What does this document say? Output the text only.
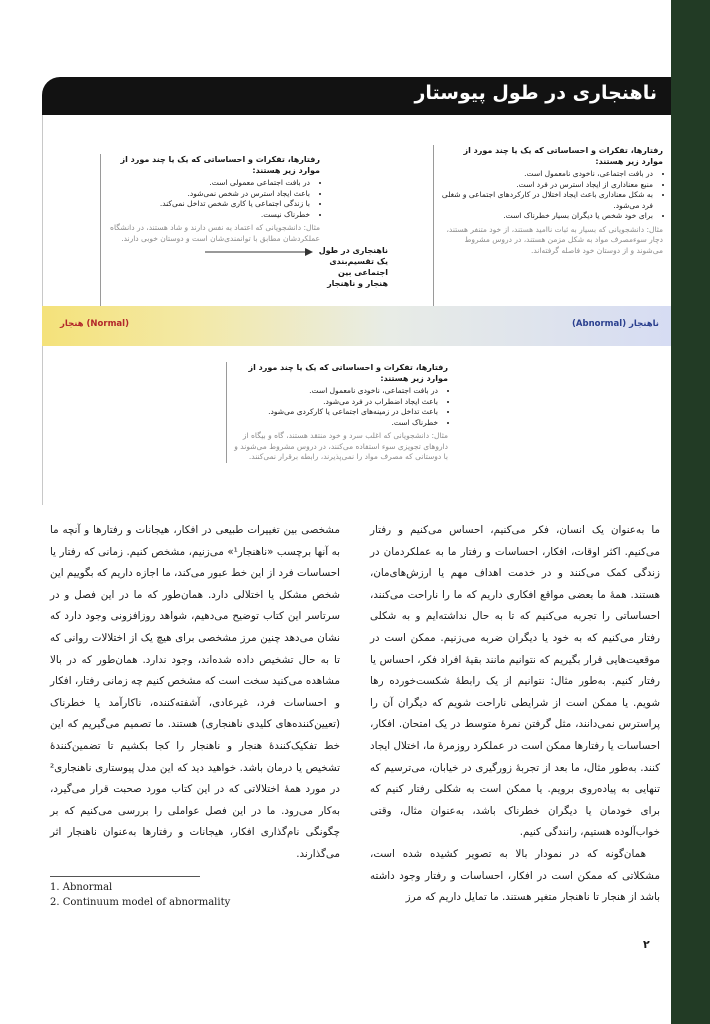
ناهنجاری در طول پیوستار
رفتارها، تفکرات و احساساتی که یک یا چند مورد از موارد زیر هستند:
• در بافت اجتماعی معمولی است.
• باعث ایجاد استرس در شخص نمی‌شود.
• با زندگی اجتماعی یا کاری شخص تداخل نمی‌کند.
• خطرناک نیست.
مثال: دانشجویانی که اعتماد به نفس دارند و شاد هستند، در دانشگاه عملکردشان مطابق با توانمندی‌شان است و دوستان خوبی دارند.
رفتارها، تفکرات و احساساتی که یک یا چند مورد از موارد زیر هستند:
• در بافت اجتماعی، ناخودی نامعمول است.
• منبع معناداری از ایجاد استرس در فرد است.
• به شکل معناداری باعث ایجاد اختلال در کارکردهای اجتماعی و شغلی فرد می‌شود.
• برای خود شخص یا دیگران بسیار خطرناک است.
مثال: دانشجویانی که بسیار به ثبات ناامید هستند، از خود متنفر هستند، دچار سوء‌مصرف مواد به شکل مزمن هستند، در دروس مشروط می‌شوند و از دوستان خود فاصله گرفته‌اند.
ناهنجاری در طول یک تقسیم‌بندی اجتماعی بین هنجار و ناهنجار
هنجار (Normal)	ناهنجار (Abnormal)
رفتارها، تفکرات و احساساتی که یک یا چند مورد از موارد زیر هستند:
• در بافت اجتماعی، ناخودی نامعمول است.
• باعث ایجاد اضطراب در فرد می‌شود.
• باعث تداخل در زمینه‌های اجتماعی یا کارکردی می‌شود.
• خطرناک است.
مثال: دانشجویانی که اغلب سرد و خود منتقد هستند، گاه و بیگاه از داروهای تجویزی سوء استفاده می‌کنند، در دروس مشروط می‌شوند و با دوستانی که مصرف مواد را نمی‌پذیرند، رابطه برقرار نمی‌کنند.

ما به‌عنوان یک انسان، فکر می‌کنیم، احساس می‌کنیم و رفتار می‌کنیم. اکثر اوقات، افکار، احساسات و رفتار ما به عملکردمان در زندگی کمک می‌کنند و در خدمت اهداف مهم یا ارزش‌های‌مان، هستند. همهٔ ما بعضی مواقع افکاری داریم که ما را ناراحت می‌کنند، احساساتی را تجربه می‌کنیم که تا به حال نداشته‌ایم و به شکلی رفتار می‌کنیم که به خود یا دیگران ضربه می‌زنیم. ممکن است در موقعیت‌هایی قرار بگیریم که نتوانیم مانند بقیهٔ افراد فکر، احساس یا رفتار کنیم. به‌طور مثال: نتوانیم از یک رابطهٔ شکست‌خورده رها شویم. یا ممکن است از شرایطی ناراحت شویم که دیگران آن را پراسترس نمی‌دانند، مثل گرفتن نمرهٔ متوسط در یک امتحان. افکار، احساسات یا رفتارها ممکن است در عملکرد روزمرهٔ ما، اختلال ایجاد کنند. به‌طور مثال، ما بعد از تجربهٔ زورگیری در خیابان، می‌ترسیم که تنهایی به پیاده‌روی برویم. یا ممکن است به شکلی رفتار کنیم که برای خودمان یا دیگران خطرناک باشد، به‌عنوان مثال، وقتی خواب‌آلوده هستیم، رانندگی کنیم.

همان‌گونه که در نمودار بالا به تصویر کشیده شده است، مشکلاتی که ممکن است در افکار، احساسات و رفتار وجود داشته باشد از هنجار تا ناهنجار متغیر هستند. ما تمایل داریم که مرز

مشخصی بین تغییرات طبیعی در افکار، هیجانات و رفتارها و آنچه ما به آنها برچسب «ناهنجار¹» می‌زنیم، مشخص کنیم. زمانی که رفتار یا احساسات فرد از این خط عبور می‌کند، ما اجازه داریم که بگوییم این شخص مشکل یا اختلالی دارد. همان‌طور که ما در این فصل و در سرتاسر این کتاب توضیح می‌دهیم، شواهد روزافزونی وجود دارد که نشان می‌دهد چنین مرز مشخصی برای هیچ یک از اختلالات روانی که تا به حال تشخیص داده شده‌اند، وجود ندارد. همان‌طور که در بالا مشاهده می‌کنید سخت است که مشخص کنیم چه زمانی رفتار، افکار و احساسات فرد، غیرعادی، آشفته‌کننده، ناکارآمد یا خطرناک (تعیین‌کننده‌های کلیدی ناهنجاری) هستند. ما تصمیم می‌گیریم که این خط تفکیک‌کنندهٔ هنجار و ناهنجار را کجا بکشیم تا تضمین‌کنندهٔ تشخیص یا درمان باشد. خواهید دید که این مدل پیوستاری ناهنجاری² در مورد همهٔ اختلالاتی که در این کتاب مورد صحبت قرار می‌گیرد، به‌کار می‌رود. ما در این فصل عواملی را بررسی می‌کنیم که بر چگونگی نام‌گذاری افکار، هیجانات و رفتارها به‌عنوان ناهنجار اثر می‌گذارند.

1. Abnormal
2. Continuum model of abnormality
۲
